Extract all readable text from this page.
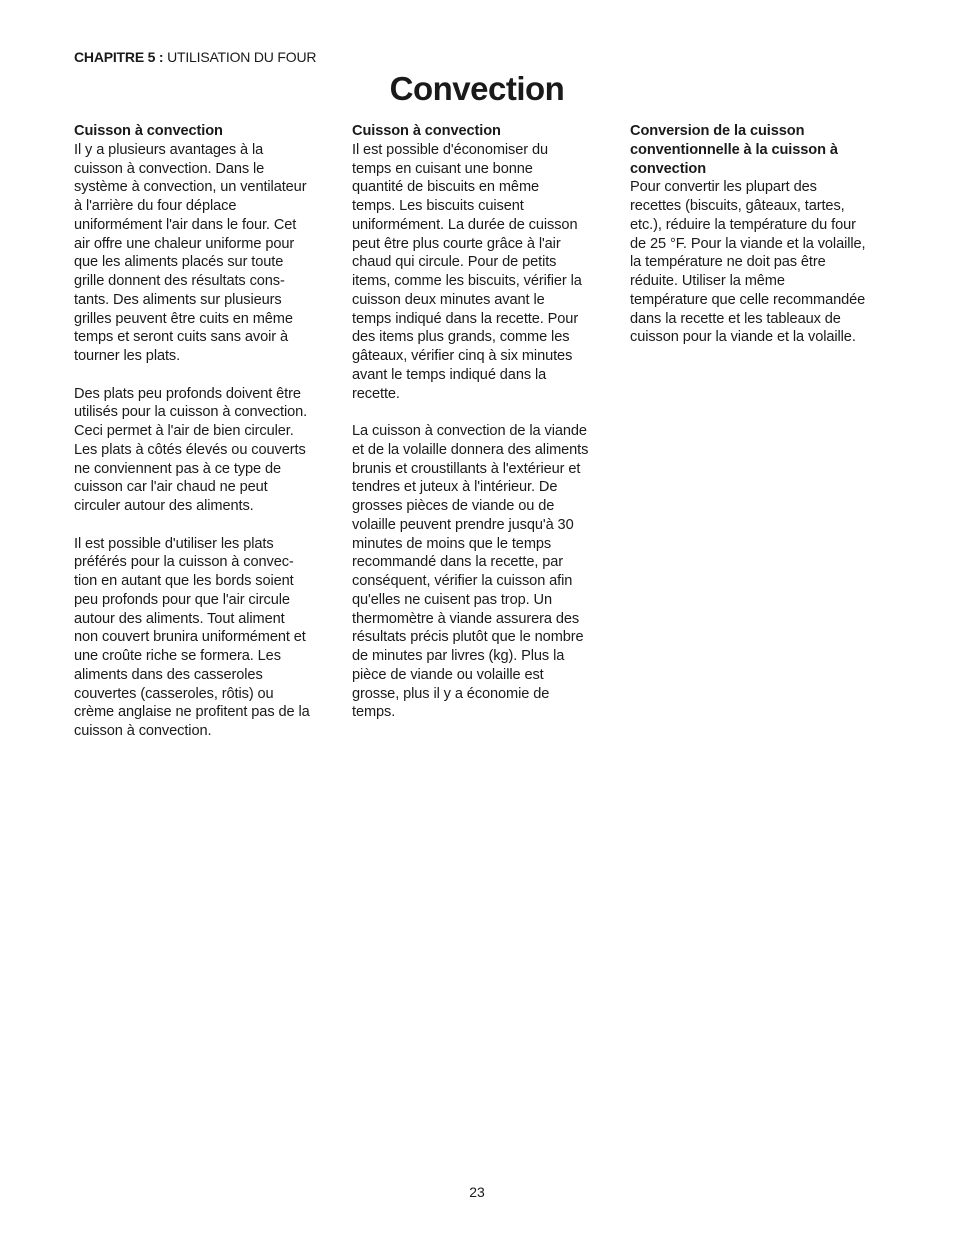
CHAPITRE 5 : UTILISATION DU FOUR
Convection

Cuisson à convection
Il y a plusieurs avantages à la
cuisson à convection. Dans le
système à convection, un ventilateur
à l'arrière du four déplace
uniformément l'air dans le four. Cet
air offre une chaleur uniforme pour
que les aliments placés sur toute
grille donnent des résultats cons-
tants. Des aliments sur plusieurs
grilles peuvent être cuits en même
temps et seront cuits sans avoir à
tourner les plats.

Des plats peu profonds doivent être
utilisés pour la cuisson à convection.
Ceci permet à l'air de bien circuler.
Les plats à côtés élevés ou couverts
ne conviennent pas à ce type de
cuisson car l'air chaud ne peut
circuler autour des aliments.

Il est possible d'utiliser les plats
préférés pour la cuisson à convec-
tion en autant que les bords soient
peu profonds pour que l'air circule
autour des aliments. Tout aliment
non couvert brunira uniformément et
une croûte riche se formera. Les
aliments dans des casseroles
couvertes (casseroles, rôtis) ou
crème anglaise ne profitent pas de la
cuisson à convection.

Cuisson à convection
Il est possible d'économiser du
temps en cuisant une bonne
quantité de biscuits en même
temps. Les biscuits cuisent
uniformément. La durée de cuisson
peut être plus courte grâce à l'air
chaud qui circule. Pour de petits
items, comme les biscuits, vérifier la
cuisson deux minutes avant le
temps indiqué dans la recette. Pour
des items plus grands, comme les
gâteaux, vérifier cinq à six minutes
avant le temps indiqué dans la
recette.

La cuisson à convection de la viande
et de la volaille donnera des aliments
brunis et croustillants à l'extérieur et
tendres et juteux à l'intérieur. De
grosses pièces de viande ou de
volaille peuvent prendre jusqu'à 30
minutes de moins que le temps
recommandé dans la recette, par
conséquent, vérifier la cuisson afin
qu'elles ne cuisent pas trop. Un
thermomètre à viande assurera des
résultats précis plutôt que le nombre
de minutes par livres (kg). Plus la
pièce de viande ou volaille est
grosse, plus il y a économie de
temps.

Conversion de la cuisson
conventionnelle à la cuisson à
convection
Pour convertir les plupart des
recettes (biscuits, gâteaux, tartes,
etc.), réduire la température du four
de 25 °F. Pour la viande et la volaille,
la température ne doit pas être
réduite. Utiliser la même
température que celle recommandée
dans la recette et les tableaux de
cuisson pour la viande et la volaille.

23
